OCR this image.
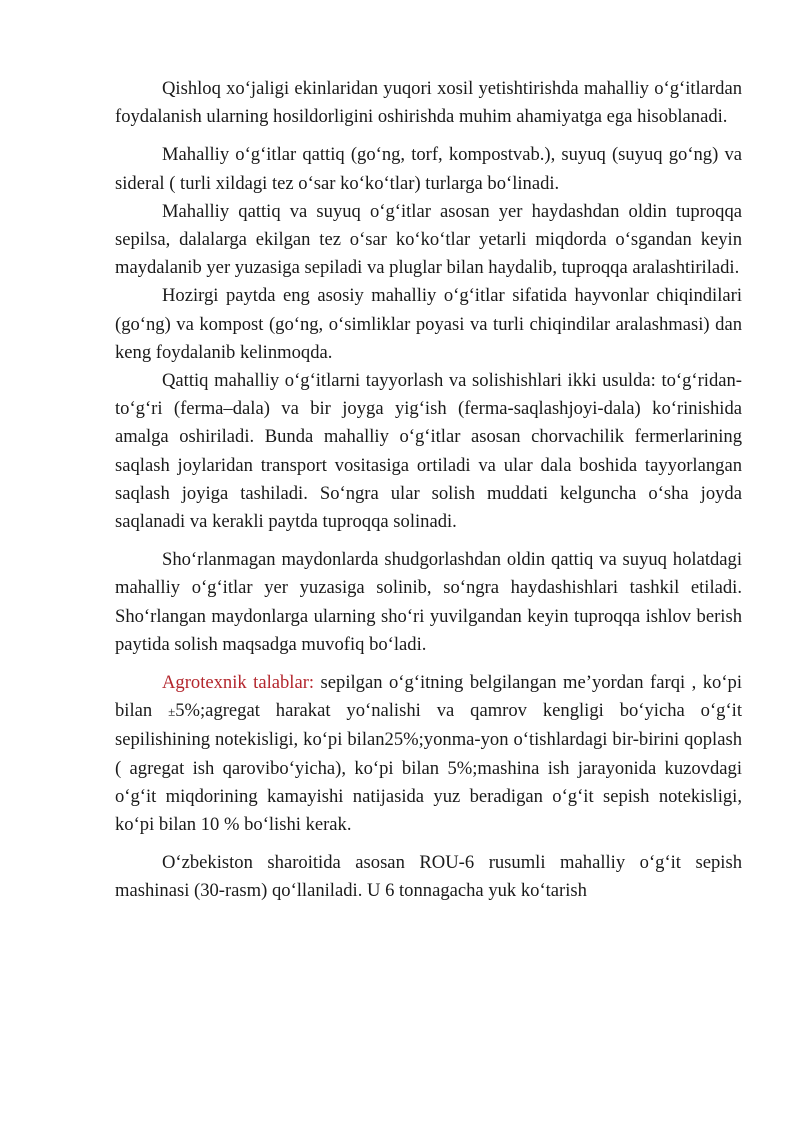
Qishloq xo‘jaligi ekinlaridan yuqori xosil yetishtirishda mahalliy o‘g‘itlardan foydalanish ularning hosildorligini oshirishda muhim ahamiyatga ega hisoblanadi.

Mahalliy o‘g‘itlar qattiq (go‘ng, torf, kompostvab.), suyuq (suyuq go‘ng) va sideral ( turli xildagi tez o‘sar ko‘ko‘tlar) turlarga bo‘linadi.

Mahalliy qattiq va suyuq o‘g‘itlar asosan yer haydashdan oldin tuproqqa sepilsa, dalalarga ekilgan tez o‘sar ko‘ko‘tlar yetarli miqdorda o‘sgandan keyin maydalanib yer yuzasiga sepiladi va pluglar bilan haydalib, tuproqqa aralashtiriladi.

Hozirgi paytda eng asosiy mahalliy o‘g‘itlar sifatida hayvonlar chiqindilari (go‘ng) va kompost (go‘ng, o‘simliklar poyasi va turli chiqindilar aralashmasi) dan keng foydalanib kelinmoqda.

Qattiq mahalliy o‘g‘itlarni tayyorlash va solishishlari ikki usulda: to‘g‘ridan-to‘g‘ri (ferma–dala) va bir joyga yig‘ish (ferma-saqlashjoyi-dala) ko‘rinishida amalga oshiriladi. Bunda mahalliy o‘g‘itlar asosan chorvachilik fermerlarining saqlash joylaridan transport vositasiga ortiladi va ular dala boshida tayyorlangan saqlash joyiga tashiladi. So‘ngra ular solish muddati kelguncha o‘sha joyda saqlanadi va kerakli paytda tuproqqa solinadi.

Sho‘rlanmagan maydonlarda shudgorlashdan oldin qattiq va suyuq holatdagi mahalliy o‘g‘itlar yer yuzasiga solinib, so‘ngra haydashishlari tashkil etiladi. Sho‘rlangan maydonlarga ularning sho‘ri yuvilgandan keyin tuproqqa ishlov berish paytida solish maqsadga muvofiq bo‘ladi.

Agrotexnik talablar: sepilgan o‘g‘itning belgilangan me’yordan farqi , ko‘pi bilan ±5%;agregat harakat yo‘nalishi va qamrov kengligi bo‘yicha o‘g‘it sepilishining notekisligi, ko‘pi bilan25%;yonma-yon o‘tishlardagi bir-birini qoplash ( agregat ish qarovibo‘yicha), ko‘pi bilan 5%;mashina ish jarayonida kuzovdagi o‘g‘it miqdorining kamayishi natijasida yuz beradigan o‘g‘it sepish notekisligi, ko‘pi bilan 10 % bo‘lishi kerak.

O‘zbekiston sharoitida asosan ROU-6 rusumli mahalliy o‘g‘it sepish mashinasi (30-rasm) qo‘llaniladi. U 6 tonnagacha yuk ko‘tarish
